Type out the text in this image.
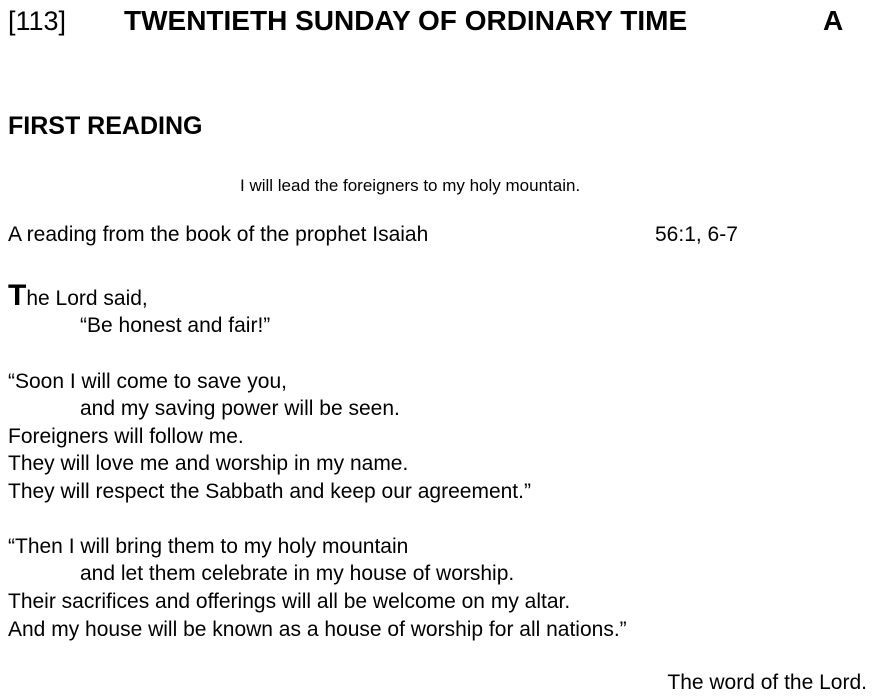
[113] TWENTIETH SUNDAY OF ORDINARY TIME	A
FIRST READING
I will lead the foreigners to my holy mountain.
A reading from the book of the prophet Isaiah	56:1, 6-7
The Lord said,
“Be honest and fair!”
“Soon I will come to save you,
and my saving power will be seen.
Foreigners will follow me.
They will love me and worship in my name.
They will respect the Sabbath and keep our agreement.”
“Then I will bring them to my holy mountain
and let them celebrate in my house of worship.
Their sacrifices and offerings will all be welcome on my altar.
And my house will be known as a house of worship for all nations.”
The word of the Lord.
